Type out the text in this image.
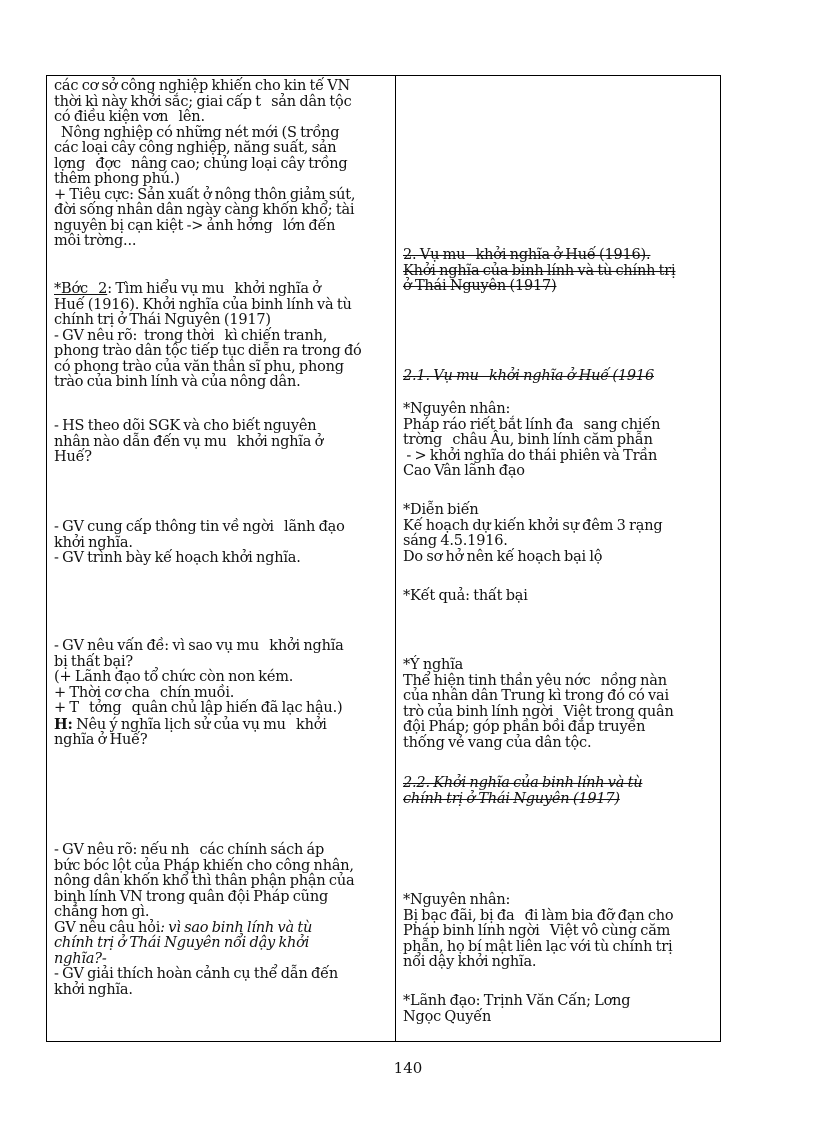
các cơ sở công nghiệp khiến cho kin tế VN
thời kì này khởi sắc; giai cấp t   sản dân tộc
có điều kiện vơn   lên.
Nông nghiệp có những nét mới (S trồng
các loại cây công nghiệp, năng suất, sản
lợng   đợc   nâng cao; chủng loại cây trồng
thêm phong phú.)
+ Tiêu cực: Sản xuất ở nông thôn giảm sút,
đời sống nhân dân ngày càng khốn khổ; tài
nguyên bị cạn kiệt -> ảnh hởng   lớn đến
môi trờng...

*Bớc   2: Tìm hiểu vụ mu   khởi nghĩa ở
Huế (1916). Khởi nghĩa của binh lính và tù
chính trị ở Thái Nguyên (1917)
- GV nêu rõ:  trong thời   kì chiến tranh,
phong trào dân tộc tiếp tục diễn ra trong đó
có phong trào của văn thân sĩ phu, phong
trào của binh lính và của nông dân.

- HS theo dõi SGK và cho biết nguyên
nhân nào dẫn đến vụ mu   khởi nghĩa ở
Huế?

- GV cung cấp thông tin về ngời   lãnh đạo
khởi nghĩa.
- GV trình bày kế hoạch khởi nghĩa.

- GV nêu vấn đề: vì sao vụ mu   khởi nghĩa
bị thất bại?
(+ Lãnh đạo tổ chức còn non kém.
+ Thời cơ cha   chín muồi.
+ T   tởng   quân chủ lập hiến đã lạc hậu.)
H: Nêu ý nghĩa lịch sử của vụ mu   khởi
nghĩa ở Huế?

- GV nêu rõ: nếu nh   các chính sách áp
bức bóc lột của Pháp khiến cho công nhân,
nông dân khốn khổ thì thân phận phận của
binh lính VN trong quân đội Pháp cũng
chẳng hơn gì.
GV nêu câu hỏi: vì sao binh lính và tù
chính trị ở Thái Nguyên nổi dậy khởi
nghĩa?-
- GV giải thích hoàn cảnh cụ thể dẫn đến
khởi nghĩa.

2. Vụ mu   khởi nghĩa ở Huế (1916).
Khởi nghĩa của binh lính và tù chính trị
ở Thái Nguyên (1917)

2.1. Vụ mu   khởi nghĩa ở Huế (1916

*Nguyên nhân:
Pháp ráo riết bắt lính đa   sang chiến
trờng   châu Âu, binh lính căm phẫn
- > khởi nghĩa do thái phiên và Trần
Cao Vân lãnh đạo

*Diễn biến
Kế hoạch dự kiến khởi sự đêm 3 rạng
sáng 4.5.1916.
Do sơ hở nên kế hoạch bại lộ

*Kết quả: thất bại

*Ý nghĩa
Thể hiện tinh thần yêu nớc   nồng nàn
của nhân dân Trung kì trong đó có vai
trò của binh lính ngời   Việt trong quân
đội Pháp; góp phần bồi đắp truyền
thống vẻ vang của dân tộc.

2.2. Khởi nghĩa của binh lính và tù
chính trị ở Thái Nguyên (1917)

*Nguyên nhân:
Bị bạc đãi, bị đa   đi làm bia đỡ đạn cho
Pháp binh lính ngời   Việt vô cùng căm
phẫn, họ bí mật liên lạc với tù chính trị
nổi dậy khởi nghĩa.

*Lãnh đạo: Trịnh Văn Cấn; Lơng
Ngọc Quyến

140
